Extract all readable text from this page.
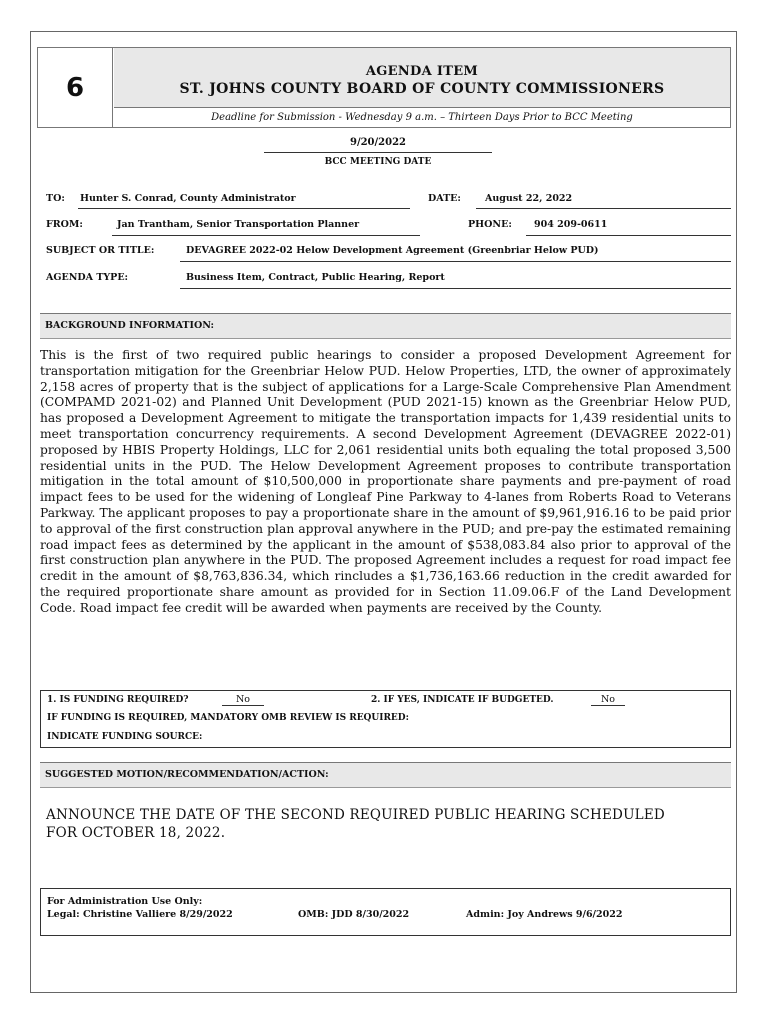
6
AGENDA ITEM
ST. JOHNS COUNTY BOARD OF COUNTY COMMISSIONERS
Deadline for Submission - Wednesday 9 a.m. – Thirteen Days Prior to BCC Meeting
9/20/2022
BCC MEETING DATE
TO: Hunter S. Conrad, County Administrator	DATE:	August 22, 2022
FROM:	Jan Trantham, Senior Transportation Planner	PHONE: 904 209-0611
SUBJECT OR TITLE:	DEVAGREE 2022-02 Helow Development Agreement (Greenbriar Helow PUD)
AGENDA TYPE:	Business Item, Contract, Public Hearing, Report
BACKGROUND INFORMATION:
This is the first of two required public hearings to consider a proposed Development Agreement for transportation mitigation for the Greenbriar Helow PUD. Helow Properties, LTD, the owner of approximately 2,158 acres of property that is the subject of applications for a Large-Scale Comprehensive Plan Amendment (COMPAMD 2021-02) and Planned Unit Development (PUD 2021-15) known as the Greenbriar Helow PUD, has proposed a Development Agreement to mitigate the transportation impacts for 1,439 residential units to meet transportation concurrency requirements. A second Development Agreement (DEVAGREE 2022-01) proposed by HBIS Property Holdings, LLC for 2,061 residential units both equaling the total proposed 3,500 residential units in the PUD. The Helow Development Agreement proposes to contribute transportation mitigation in the total amount of $10,500,000 in proportionate share payments and pre-payment of road impact fees to be used for the widening of Longleaf Pine Parkway to 4-lanes from Roberts Road to Veterans Parkway. The applicant proposes to pay a proportionate share in the amount of $9,961,916.16 to be paid prior to approval of the first construction plan approval anywhere in the PUD; and pre-pay the estimated remaining road impact fees as determined by the applicant in the amount of $538,083.84 also prior to approval of the first construction plan anywhere in the PUD. The proposed Agreement includes a request for road impact fee credit in the amount of $8,763,836.34, which rincludes a $1,736,163.66 reduction in the credit awarded for the required proportionate share amount as provided for in Section 11.09.06.F of the Land Development Code. Road impact fee credit will be awarded when payments are received by the County.
1. IS FUNDING REQUIRED?	No	2. IF YES, INDICATE IF BUDGETED.	No
IF FUNDING IS REQUIRED, MANDATORY OMB REVIEW IS REQUIRED:
INDICATE FUNDING SOURCE:
SUGGESTED MOTION/RECOMMENDATION/ACTION:
ANNOUNCE THE DATE OF THE SECOND REQUIRED PUBLIC HEARING SCHEDULED
FOR OCTOBER 18, 2022.
For Administration Use Only:
Legal: Christine Valliere 8/29/2022	OMB: JDD 8/30/2022	Admin: Joy Andrews 9/6/2022
